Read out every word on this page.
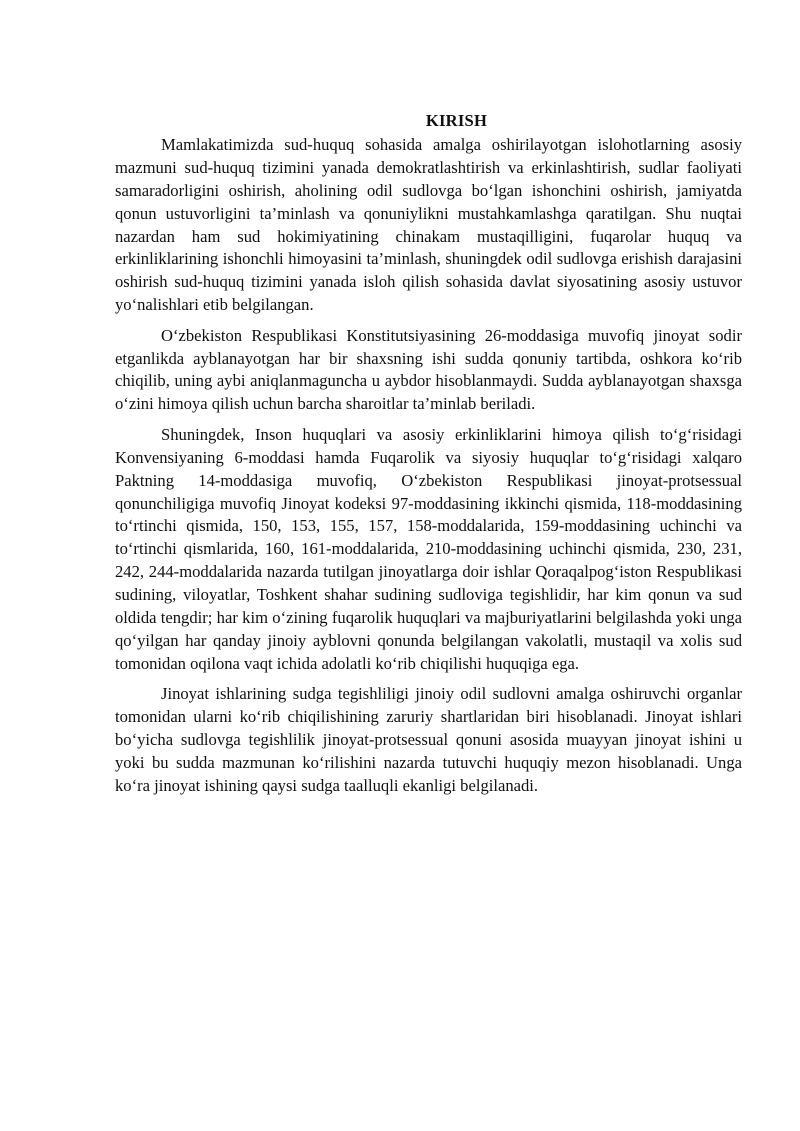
KIRISH

Mamlakatimizda sud-huquq sohasida amalga oshirilayotgan islohotlarning asosiy mazmuni sud-huquq tizimini yanada demokratlashtirish va erkinlashtirish, sudlar faoliyati samaradorligini oshirish, aholining odil sudlovga bo‘lgan ishonchini oshirish, jamiyatda qonun ustuvorligini ta’minlash va qonuniylikni mustahkamlashga qaratilgan. Shu nuqtai nazardan ham sud hokimiyatining chinakam mustaqilligini, fuqarolar huquq va erkinliklarining ishonchli himoyasini ta’minlash, shuningdek odil sudlovga erishish darajasini oshirish sud-huquq tizimini yanada isloh qilish sohasida davlat siyosatining asosiy ustuvor yo‘nalishlari etib belgilangan.

O‘zbekiston Respublikasi Konstitutsiyasining 26-moddasiga muvofiq jinoyat sodir etganlikda ayblanayotgan har bir shaxsning ishi sudda qonuniy tartibda, oshkora ko‘rib chiqilib, uning aybi aniqlanmaguncha u aybdor hisoblanmaydi. Sudda ayblanayotgan shaxsga o‘zini himoya qilish uchun barcha sharoitlar ta’minlab beriladi.

Shuningdek, Inson huquqlari va asosiy erkinliklarini himoya qilish to‘g‘risidagi Konvensiyaning 6-moddasi hamda Fuqarolik va siyosiy huquqlar to‘g‘risidagi xalqaro Paktning 14-moddasiga muvofiq, O‘zbekiston Respublikasi jinoyat-protsessual qonunchiligiga muvofiq Jinoyat kodeksi 97-moddasining ikkinchi qismida, 118-moddasining to‘rtinchi qismida, 150, 153, 155, 157, 158-moddalarida, 159-moddasining uchinchi va to‘rtinchi qismlarida, 160, 161-moddalarida, 210-moddasining uchinchi qismida, 230, 231, 242, 244-moddalarida nazarda tutilgan jinoyatlarga doir ishlar Qoraqalpog‘iston Respublikasi sudining, viloyatlar, Toshkent shahar sudining sudloviga tegishlidir, har kim qonun va sud oldida tengdir; har kim o‘zining fuqarolik huquqlari va majburiyatlarini belgilashda yoki unga qo‘yilgan har qanday jinoiy ayblovni qonunda belgilangan vakolatli, mustaqil va xolis sud tomonidan oqilona vaqt ichida adolatli ko‘rib chiqilishi huquqiga ega.

Jinoyat ishlarining sudga tegishliligi jinoiy odil sudlovni amalga oshiruvchi organlar tomonidan ularni ko‘rib chiqilishining zaruriy shartlaridan biri hisoblanadi. Jinoyat ishlari bo‘yicha sudlovga tegishlilik jinoyat-protsessual qonuni asosida muayyan jinoyat ishini u yoki bu sudda mazmunan ko‘rilishini nazarda tutuvchi huquqiy mezon hisoblanadi. Unga ko‘ra jinoyat ishining qaysi sudga taalluqli ekanligi belgilanadi.
